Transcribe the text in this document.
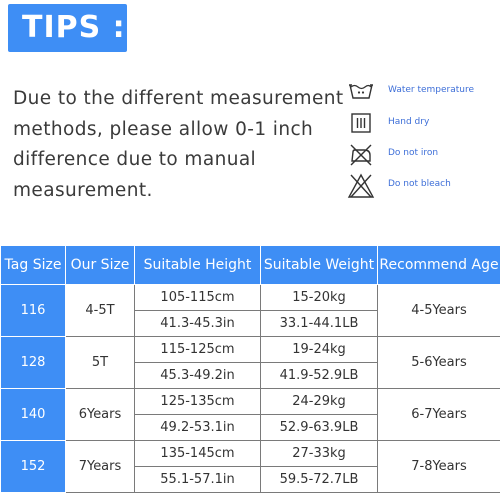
TIPS :
Due to the different measurement
methods, please allow 0-1 inch
difference due to manual
measurement.
Water temperature
Hand dry
Do not iron
Do not bleach
Tag Size	Our Size	Suitable Height	Suitable Weight	Recommend Age
116	4-5T	105-115cm	15-20kg	4-5Years
		41.3-45.3in	33.1-44.1LB	
128	5T	115-125cm	19-24kg	5-6Years
		45.3-49.2in	41.9-52.9LB	
140	6Years	125-135cm	24-29kg	6-7Years
		49.2-53.1in	52.9-63.9LB	
152	7Years	135-145cm	27-33kg	7-8Years
		55.1-57.1in	59.5-72.7LB	
